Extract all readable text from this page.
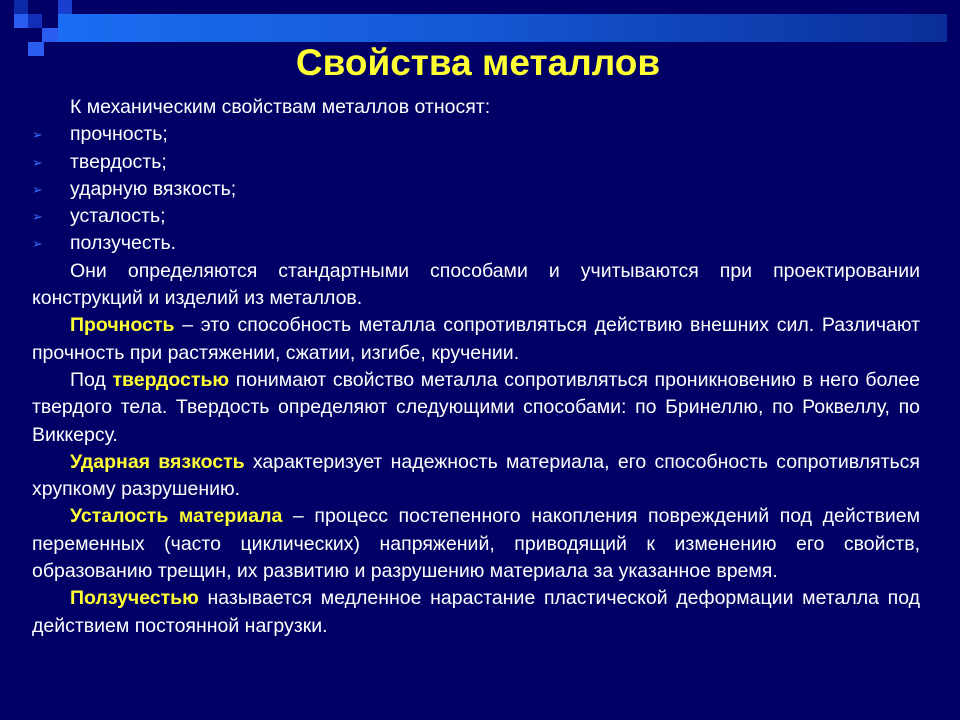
Свойства металлов

К механическим свойствам металлов относят:

➢ прочность;

➢ твердость;

➢ ударную вязкость;

➢ усталость;

➢ ползучесть.

Они определяются стандартными способами и учитываются при проектировании конструкций и изделий из металлов.

Прочность – это способность металла сопротивляться действию внешних сил. Различают прочность при растяжении, сжатии, изгибе, кручении.

Под твердостью понимают свойство металла сопротивляться проникновению в него более твердого тела. Твердость определяют следующими способами: по Бринеллю, по Роквеллу, по Виккерсу.

Ударная вязкость характеризует надежность материала, его способность сопротивляться хрупкому разрушению.

Усталость материала – процесс постепенного накопления повреждений под действием переменных (часто циклических) напряжений, приводящий к изменению его свойств, образованию трещин, их развитию и разрушению материала за указанное время.

Ползучестью называется медленное нарастание пластической деформации металла под действием постоянной нагрузки.
